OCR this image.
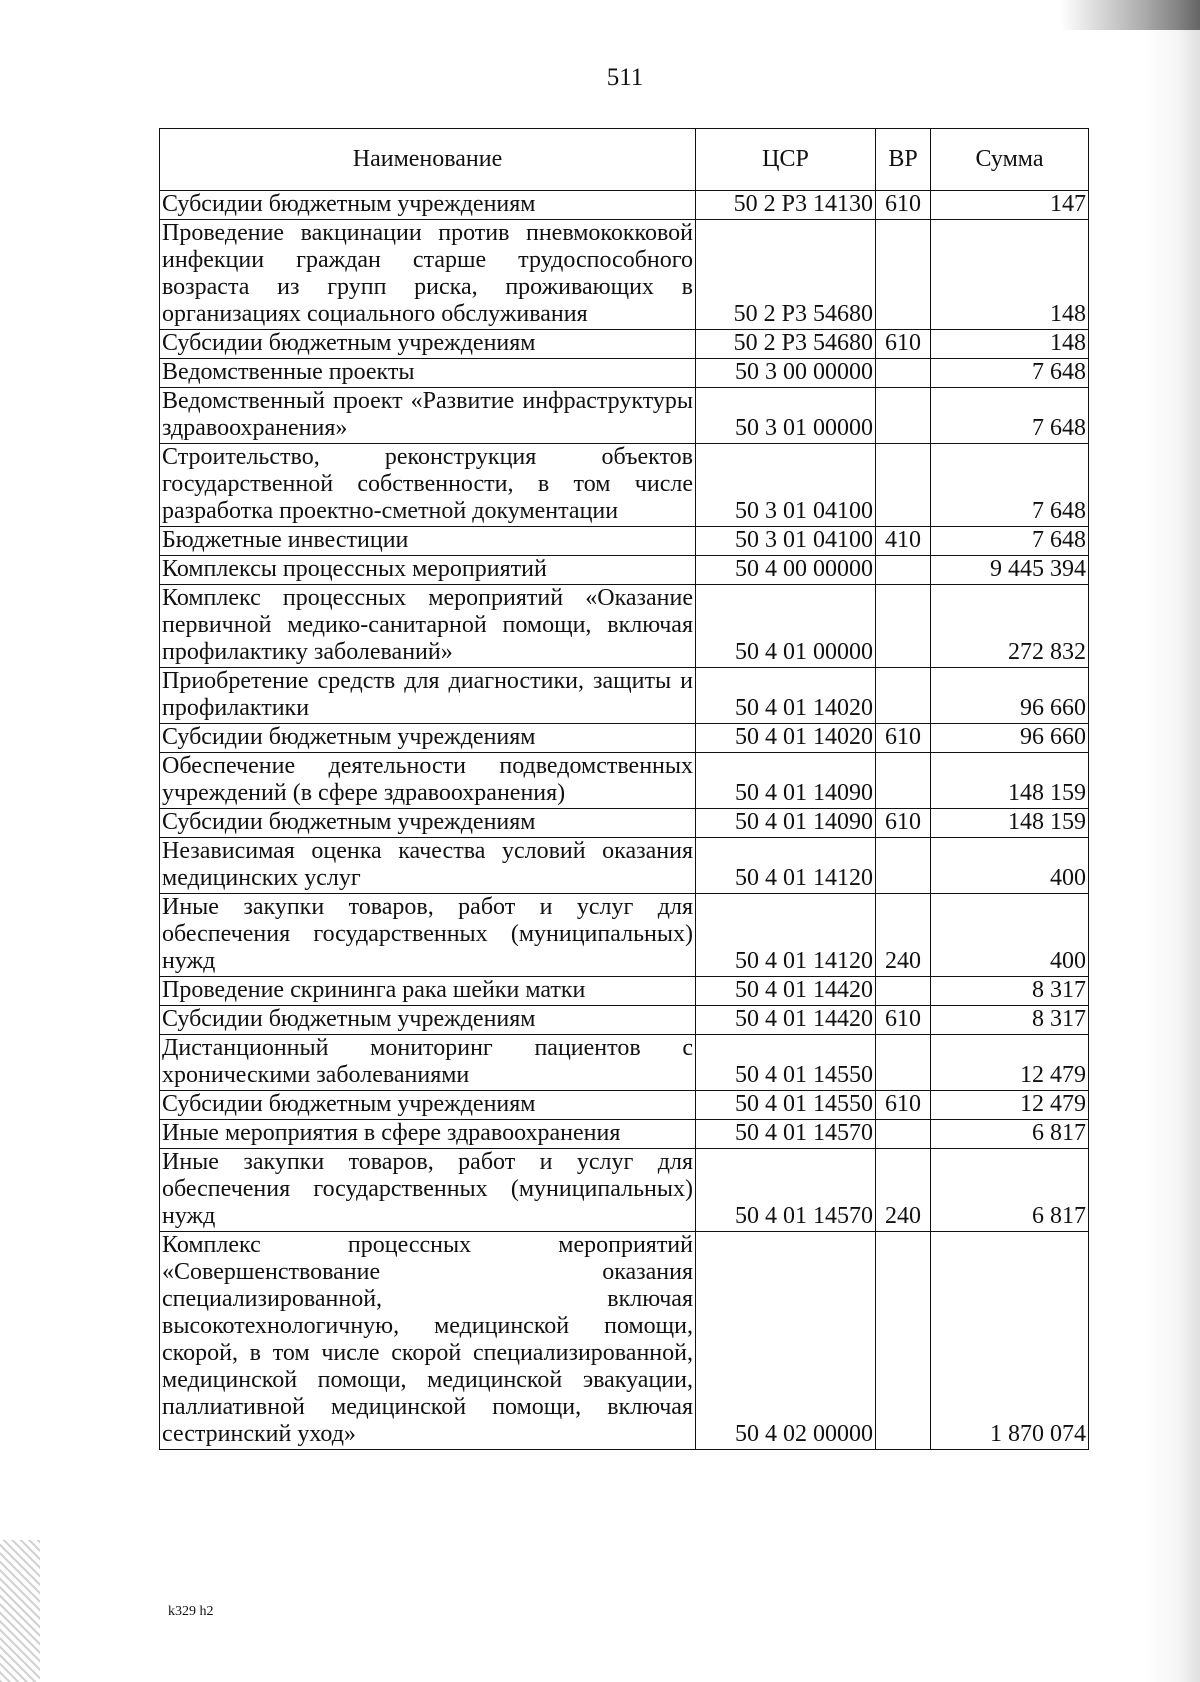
511
Наименование	ЦСР	ВР	Сумма
Субсидии бюджетным учреждениям	50 2 Р3 14130	610	147
Проведение вакцинации против пневмококковой инфекции граждан старше трудоспособного возраста из групп риска, проживающих в организациях социального обслуживания	50 2 Р3 54680		148
Субсидии бюджетным учреждениям	50 2 Р3 54680	610	148
Ведомственные проекты	50 3 00 00000		7 648
Ведомственный проект «Развитие инфраструктуры здравоохранения»	50 3 01 00000		7 648
Строительство, реконструкция объектов государственной собственности, в том числе разработка проектно-сметной документации	50 3 01 04100		7 648
Бюджетные инвестиции	50 3 01 04100	410	7 648
Комплексы процессных мероприятий	50 4 00 00000		9 445 394
Комплекс процессных мероприятий «Оказание первичной медико-санитарной помощи, включая профилактику заболеваний»	50 4 01 00000		272 832
Приобретение средств для диагностики, защиты и профилактики	50 4 01 14020		96 660
Субсидии бюджетным учреждениям	50 4 01 14020	610	96 660
Обеспечение деятельности подведомственных учреждений (в сфере здравоохранения)	50 4 01 14090		148 159
Субсидии бюджетным учреждениям	50 4 01 14090	610	148 159
Независимая оценка качества условий оказания медицинских услуг	50 4 01 14120		400
Иные закупки товаров, работ и услуг для обеспечения государственных (муниципальных) нужд	50 4 01 14120	240	400
Проведение скрининга рака шейки матки	50 4 01 14420		8 317
Субсидии бюджетным учреждениям	50 4 01 14420	610	8 317
Дистанционный мониторинг пациентов с хроническими заболеваниями	50 4 01 14550		12 479
Субсидии бюджетным учреждениям	50 4 01 14550	610	12 479
Иные мероприятия в сфере здравоохранения	50 4 01 14570		6 817
Иные закупки товаров, работ и услуг для обеспечения государственных (муниципальных) нужд	50 4 01 14570	240	6 817
Комплекс процессных мероприятий «Совершенствование оказания специализированной, включая высокотехнологичную, медицинской помощи, скорой, в том числе скорой специализированной, медицинской помощи, медицинской эвакуации, паллиативной медицинской помощи, включая сестринский уход»	50 4 02 00000		1 870 074
k329 h2
